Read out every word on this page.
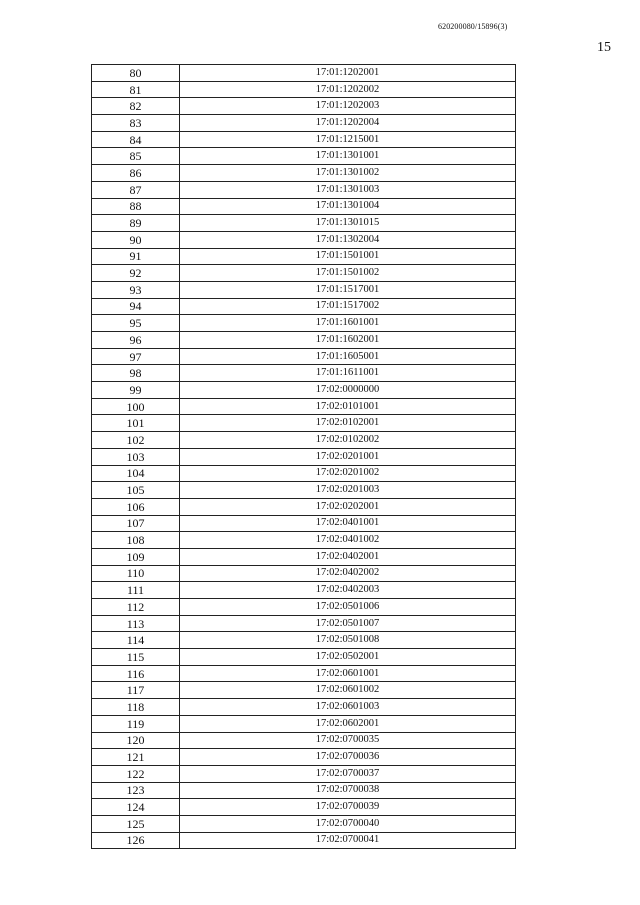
620200080/15896(3)
15
80	17:01:1202001
81	17:01:1202002
82	17:01:1202003
83	17:01:1202004
84	17:01:1215001
85	17:01:1301001
86	17:01:1301002
87	17:01:1301003
88	17:01:1301004
89	17:01:1301015
90	17:01:1302004
91	17:01:1501001
92	17:01:1501002
93	17:01:1517001
94	17:01:1517002
95	17:01:1601001
96	17:01:1602001
97	17:01:1605001
98	17:01:1611001
99	17:02:0000000
100	17:02:0101001
101	17:02:0102001
102	17:02:0102002
103	17:02:0201001
104	17:02:0201002
105	17:02:0201003
106	17:02:0202001
107	17:02:0401001
108	17:02:0401002
109	17:02:0402001
110	17:02:0402002
111	17:02:0402003
112	17:02:0501006
113	17:02:0501007
114	17:02:0501008
115	17:02:0502001
116	17:02:0601001
117	17:02:0601002
118	17:02:0601003
119	17:02:0602001
120	17:02:0700035
121	17:02:0700036
122	17:02:0700037
123	17:02:0700038
124	17:02:0700039
125	17:02:0700040
126	17:02:0700041
